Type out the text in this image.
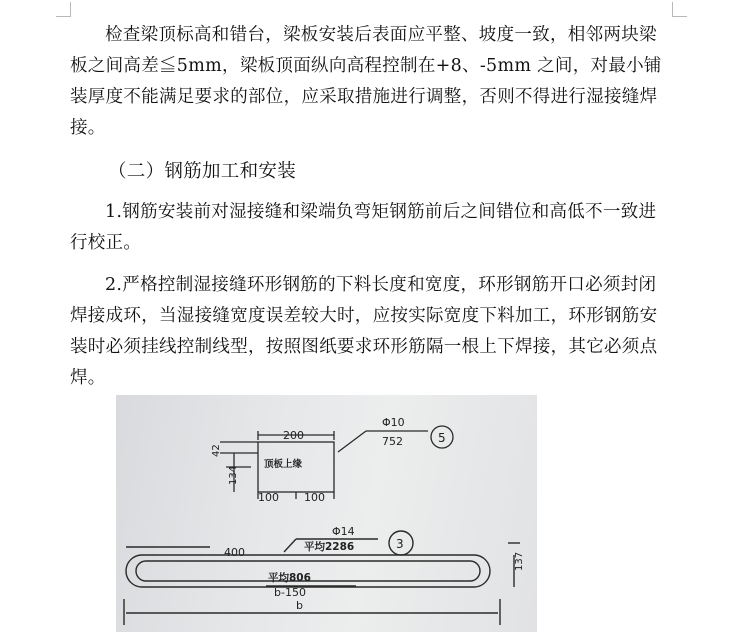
检查梁顶标高和错台，梁板安装后表面应平整、坡度一致，相邻两块梁板之间高差≦5mm，梁板顶面纵向高程控制在+8、-5mm 之间，对最小铺装厚度不能满足要求的部位，应采取措施进行调整，否则不得进行湿接缝焊接。

（二）钢筋加工和安装

1.钢筋安装前对湿接缝和梁端负弯矩钢筋前后之间错位和高低不一致进行校正。

2.严格控制湿接缝环形钢筋的下料长度和宽度，环形钢筋开口必须封闭焊接成环，当湿接缝宽度误差较大时，应按实际宽度下料加工，环形钢筋安装时必须挂线控制线型，按照图纸要求环形筋隔一根上下焊接，其它必须点焊。

200
42
134
顶板上缘
100 100
Φ10
752	5
400
Φ14
平均2286	3
平均806
b-150
b
137
